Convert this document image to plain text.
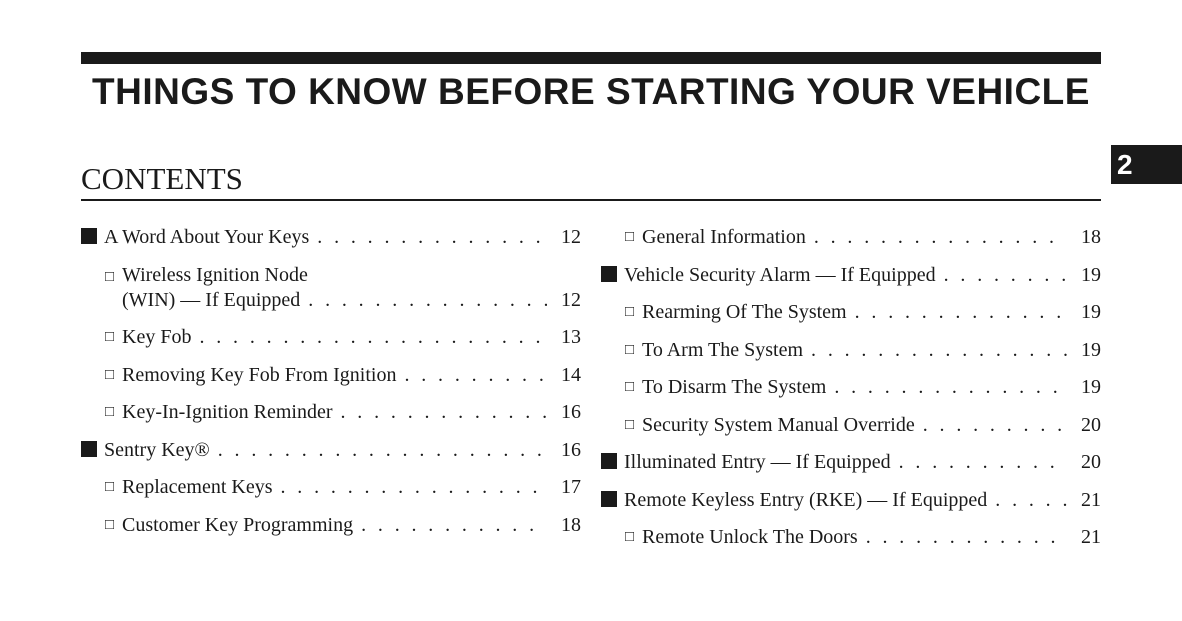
THINGS TO KNOW BEFORE STARTING YOUR VEHICLE
2
CONTENTS
A Word About Your Keys . . .	12
□ Wireless Ignition Node
(WIN) — If Equipped . . .	12
□ Key Fob . . .	13
□ Removing Key Fob From Ignition . . .	14
□ Key-In-Ignition Reminder . . .	16
Sentry Key® . . .	16
□ Replacement Keys . . .	17
□ Customer Key Programming . . .	18
□ General Information . . .	18
Vehicle Security Alarm — If Equipped . . .	19
□ Rearming Of The System . . .	19
□ To Arm The System . . .	19
□ To Disarm The System . . .	19
□ Security System Manual Override . . .	20
Illuminated Entry — If Equipped . . .	20
Remote Keyless Entry (RKE) — If Equipped . . .	21
□ Remote Unlock The Doors . . .	21
